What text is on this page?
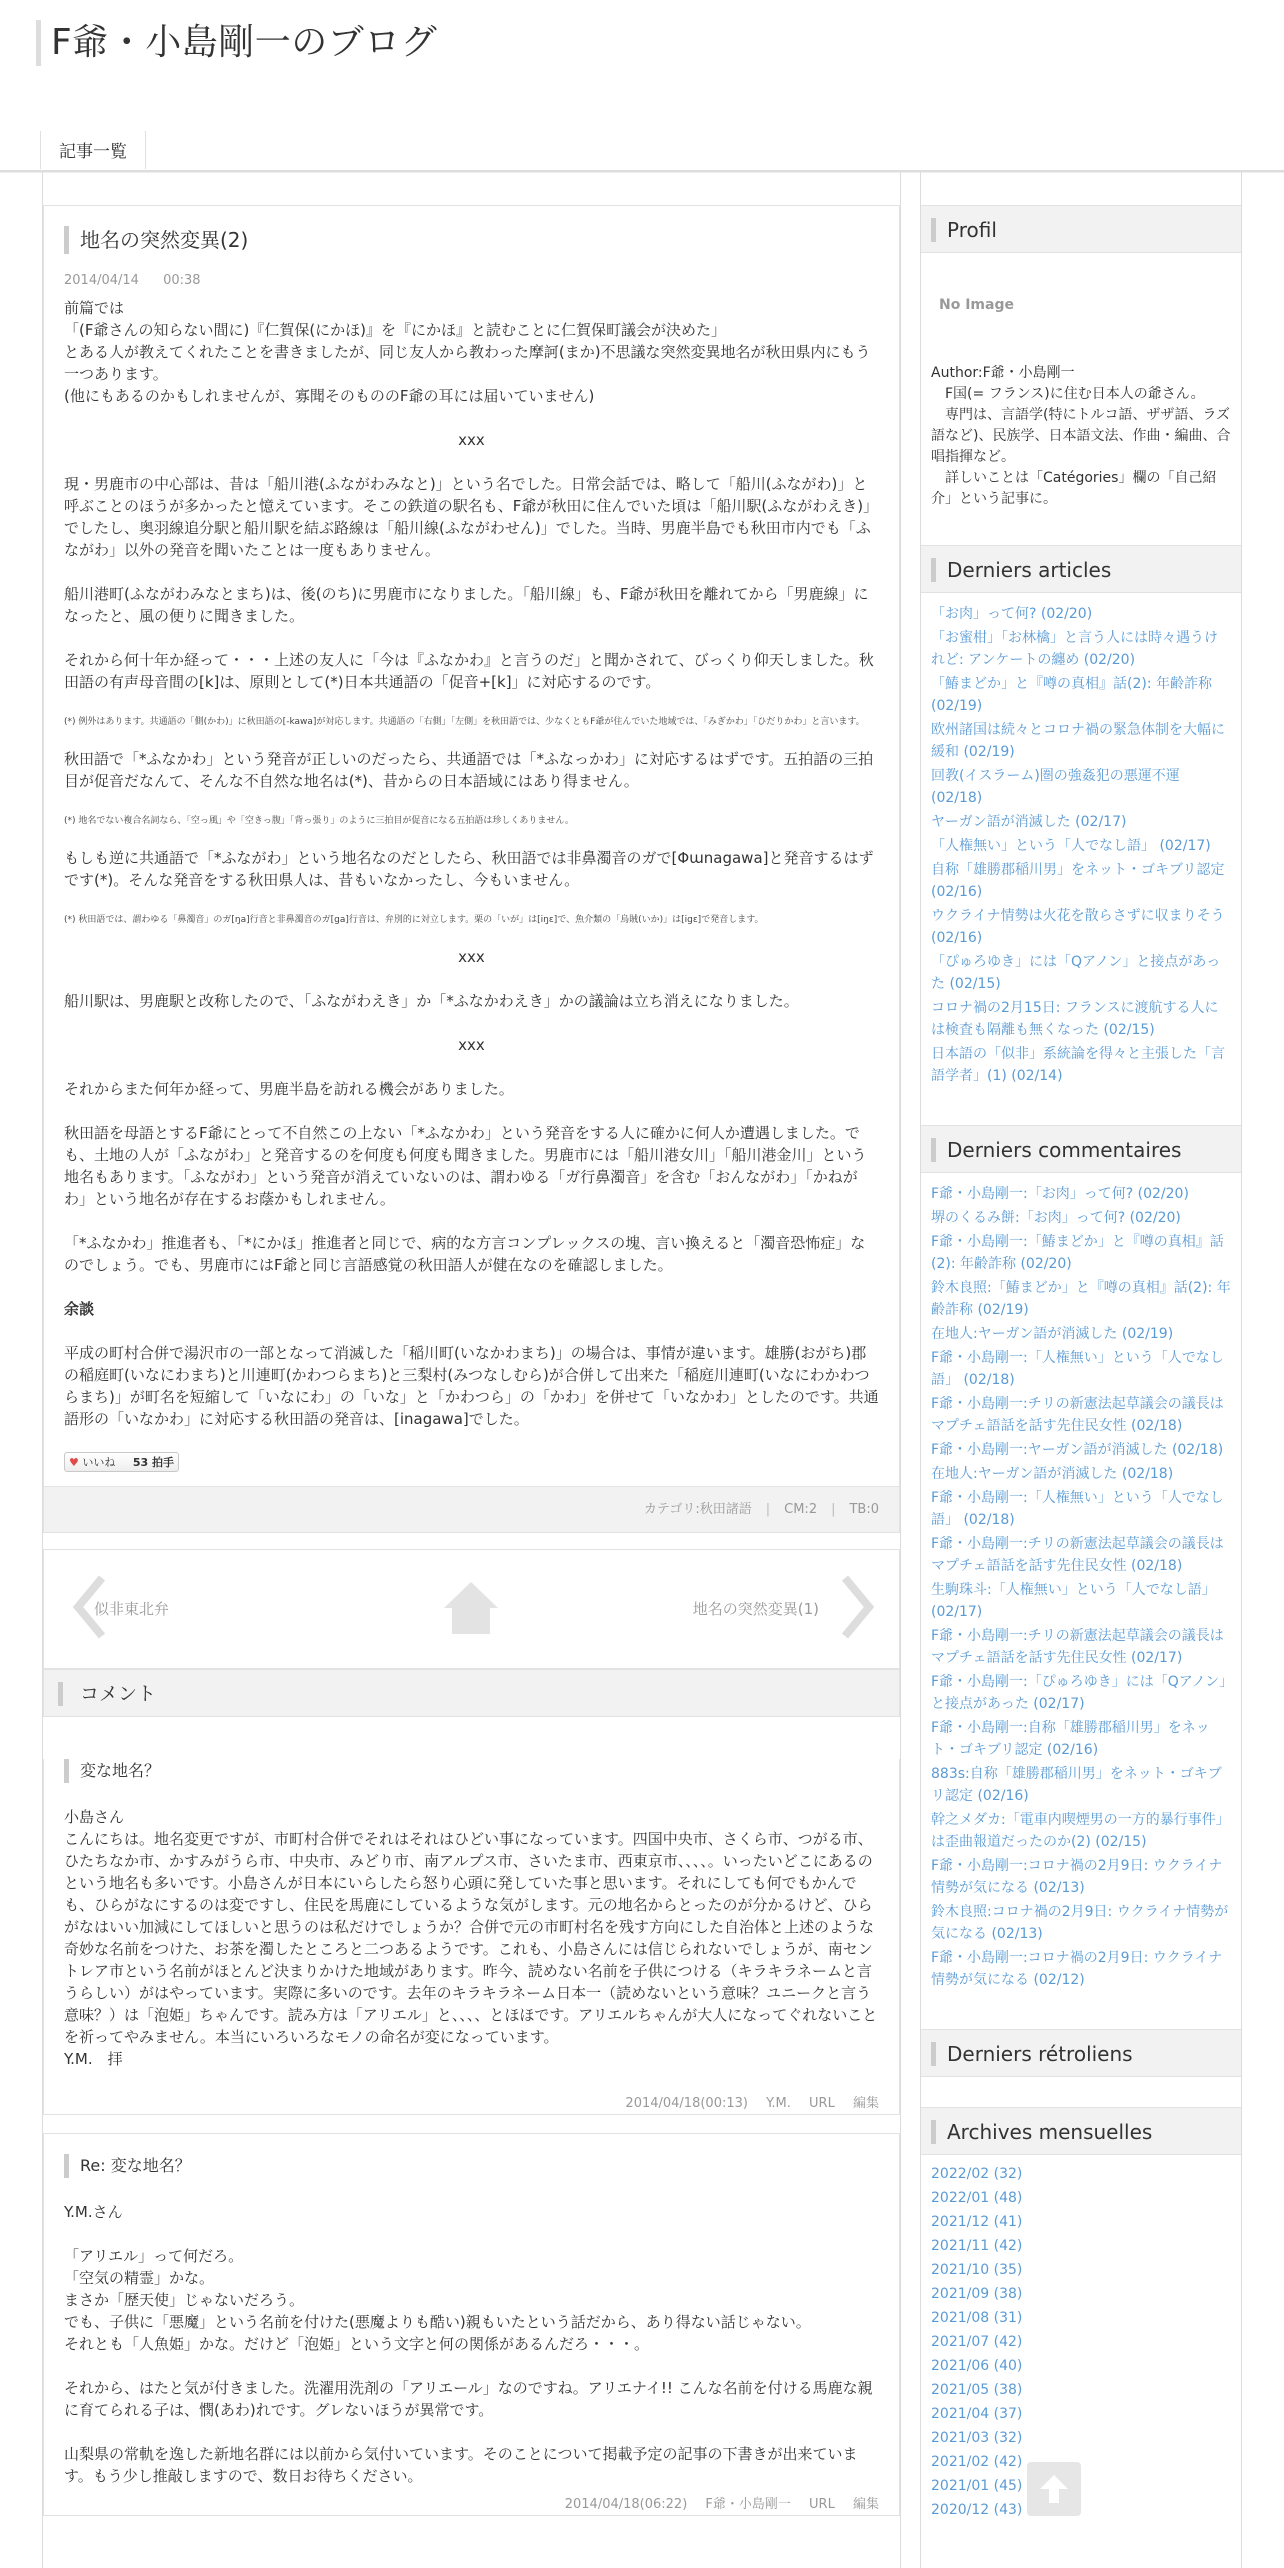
F爺・小島剛一のブログ
記事一覧
地名の突然変異(2)
2014/04/14 00:38

前篇では
「(F爺さんの知らない間に)『仁賀保(にかほ)』を『にかほ』と読むことに仁賀保町議会が決めた」
とある人が教えてくれたことを書きましたが、同じ友人から教わった摩訶(まか)不思議な突然変異地名が秋田県内にもう一つあります。
(他にもあるのかもしれませんが、寡聞そのもののF爺の耳には届いていません)

xxx

現・男鹿市の中心部は、昔は「船川港(ふながわみなと)」という名でした。日常会話では、略して「船川(ふながわ)」と呼ぶことのほうが多かったと憶えています。そこの鉄道の駅名も、F爺が秋田に住んでいた頃は「船川駅(ふながわえき)」でしたし、奥羽線追分駅と船川駅を結ぶ路線は「船川線(ふながわせん)」でした。当時、男鹿半島でも秋田市内でも「ふながわ」以外の発音を聞いたことは一度もありません。

船川港町(ふながわみなとまち)は、後(のち)に男鹿市になりました。「船川線」も、F爺が秋田を離れてから「男鹿線」になったと、風の便りに聞きました。

それから何十年か経って・・・上述の友人に「今は『ふなかわ』と言うのだ」と聞かされて、びっくり仰天しました。秋田語の有声母音間の[k]は、原則として(*)日本共通語の「促音+[k]」に対応するのです。

(*) 例外はあります。共通語の「側(かわ)」に秋田語の[-kawa]が対応します。共通語の「右側」「左側」を秋田語では、少なくともF爺が住んでいた地域では、「みぎかわ」「ひだりかわ」と言います。

秋田語で「*ふなかわ」という発音が正しいのだったら、共通語では「*ふなっかわ」に対応するはずです。五拍語の三拍目が促音だなんて、そんな不自然な地名は(*)、昔からの日本語域にはあり得ません。

(*) 地名でない複合名詞なら、「空っ風」や「空きっ腹」「背っ張り」のように三拍目が促音になる五拍語は珍しくありません。

もしも逆に共通語で「*ふながわ」という地名なのだとしたら、秋田語では非鼻濁音のガで[Φɯnagawa]と発音するはずです(*)。そんな発音をする秋田県人は、昔もいなかったし、今もいません。

(*) 秋田語では、謂わゆる「鼻濁音」のガ[ŋa]行音と非鼻濁音のガ[ga]行音は、弁別的に対立します。栗の「いが」は[iŋɛ]で、魚介類の「烏賊(いか)」は[igɛ]で発音します。

xxx

船川駅は、男鹿駅と改称したので、「ふながわえき」か「*ふなかわえき」かの議論は立ち消えになりました。

xxx

それからまた何年か経って、男鹿半島を訪れる機会がありました。

秋田語を母語とするF爺にとって不自然この上ない「*ふなかわ」という発音をする人に確かに何人か遭遇しました。でも、土地の人が「ふながわ」と発音するのを何度も何度も聞きました。男鹿市には「船川港女川」「船川港金川」という地名もあります。「ふながわ」という発音が消えていないのは、謂わゆる「ガ行鼻濁音」を含む「おんながわ」「かねがわ」という地名が存在するお蔭かもしれません。

「*ふなかわ」推進者も、「*にかほ」推進者と同じで、病的な方言コンプレックスの塊、言い換えると「濁音恐怖症」なのでしょう。でも、男鹿市にはF爺と同じ言語感覚の秋田語人が健在なのを確認しました。

余談

平成の町村合併で湯沢市の一部となって消滅した「稲川町(いなかわまち)」の場合は、事情が違います。雄勝(おがち)郡の稲庭町(いなにわまち)と川連町(かわつらまち)と三梨村(みつなしむら)が合併して出来た「稲庭川連町(いなにわかわつらまち)」が町名を短縮して「いなにわ」の「いな」と「かわつら」の「かわ」を併せて「いなかわ」としたのです。共通語形の「いなかわ」に対応する秋田語の発音は、[inagawa]でした。

♥ いいね 53 拍手
カテゴリ:秋田諸語 | CM:2 | TB:0
似非東北弁	地名の突然変異(1)
コメント
変な地名？

小島さん
こんにちは。地名変更ですが、市町村合併でそれはそれはひどい事になっています。四国中央市、さくら市、つがる市、ひたちなか市、かすみがうら市、中央市、みどり市、南アルプス市、さいたま市、西東京市、、、、。いったいどこにあるのという地名も多いです。小島さんが日本にいらしたら怒り心頭に発していた事と思います。それにしても何でもかんでも、ひらがなにするのは変ですし、住民を馬鹿にしているような気がします。元の地名からとったのが分かるけど、ひらがなはいい加減にしてほしいと思うのは私だけでしょうか？合併で元の市町村名を残す方向にした自治体と上述のような奇妙な名前をつけた、お茶を濁したところと二つあるようです。これも、小島さんには信じられないでしょうが、南セントレア市という名前がほとんど決まりかけた地域があります。昨今、読めない名前を子供につける（キラキラネームと言うらしい）がはやっています。実際に多いのです。去年のキラキラネーム日本一（読めないという意味？ユニークと言う意味？）は「泡姫」ちゃんです。読み方は「アリエル」と、、、、とほほです。アリエルちゃんが大人になってぐれないことを祈ってやみません。本当にいろいろなモノの命名が変になっています。
Y.M.　拝

2014/04/18(00:13) Y.M. URL 編集
Re: 変な地名？

Y.M.さん

「アリエル」って何だろ。
「空気の精霊」かな。
まさか「歴天使」じゃないだろう。
でも、子供に「悪魔」という名前を付けた(悪魔よりも酷い)親もいたという話だから、あり得ない話じゃない。
それとも「人魚姫」かな。だけど「泡姫」という文字と何の関係があるんだろ・・・。

それから、はたと気が付きました。洗濯用洗剤の「アリエール」なのですね。アリエナイ!! こんな名前を付ける馬鹿な親に育てられる子は、憫(あわ)れです。グレないほうが異常です。

山梨県の常軌を逸した新地名群には以前から気付いています。そのことについて掲載予定の記事の下書きが出来ています。もう少し推敲しますので、数日お待ちください。

2014/04/18(06:22) F爺・小島剛一 URL 編集
Profil
No Image
Author:F爺・小島剛一
　F国(= フランス)に住む日本人の爺さん。
　専門は、言語学(特にトルコ語、ザザ語、ラズ語など)、民族学、日本語文法、作曲・編曲、合唱指揮など。
　詳しいことは「Catégories」欄の「自己紹介」という記事に。
Derniers articles
「お肉」って何? (02/20)
「お蜜柑」「お林檎」と言う人には時々遇うけれど: アンケートの纏め (02/20)
「鰆まどか」と『噂の真相』話(2): 年齢詐称 (02/19)
欧州諸国は続々とコロナ禍の緊急体制を大幅に緩和 (02/19)
回教(イスラーム)圏の強姦犯の悪運不運 (02/18)
ヤーガン語が消滅した (02/17)
「人権無い」という「人でなし語」 (02/17)
自称「雄勝郡稲川男」をネット・ゴキブリ認定 (02/16)
ウクライナ情勢は火花を散らさずに収まりそう (02/16)
「ぴゅろゆき」には「Qアノン」と接点があった (02/15)
コロナ禍の2月15日: フランスに渡航する人には検査も隔離も無くなった (02/15)
日本語の「似非」系統論を得々と主張した「言語学者」(1) (02/14)
Derniers commentaires
F爺・小島剛一:「お肉」って何? (02/20)
堺のくるみ餅:「お肉」って何? (02/20)
F爺・小島剛一:「鰆まどか」と『噂の真相』話(2): 年齢詐称 (02/20)
鈴木良照:「鰆まどか」と『噂の真相』話(2): 年齢詐称 (02/19)
在地人:ヤーガン語が消滅した (02/19)
F爺・小島剛一:「人権無い」という「人でなし語」 (02/18)
F爺・小島剛一:チリの新憲法起草議会の議長はマプチェ語話を話す先住民女性 (02/18)
F爺・小島剛一:ヤーガン語が消滅した (02/18)
在地人:ヤーガン語が消滅した (02/18)
F爺・小島剛一:「人権無い」という「人でなし語」 (02/18)
F爺・小島剛一:チリの新憲法起草議会の議長はマプチェ語話を話す先住民女性 (02/18)
生駒珠斗:「人権無い」という「人でなし語」 (02/17)
F爺・小島剛一:チリの新憲法起草議会の議長はマプチェ語話を話す先住民女性 (02/17)
F爺・小島剛一:「ぴゅろゆき」には「Qアノン」と接点があった (02/17)
F爺・小島剛一:自称「雄勝郡稲川男」をネット・ゴキブリ認定 (02/16)
883s:自称「雄勝郡稲川男」をネット・ゴキブリ認定 (02/16)
幹之メダカ:「電車内喫煙男の一方的暴行事件」は歪曲報道だったのか(2) (02/15)
F爺・小島剛一:コロナ禍の2月9日: ウクライナ情勢が気になる (02/13)
鈴木良照:コロナ禍の2月9日: ウクライナ情勢が気になる (02/13)
F爺・小島剛一:コロナ禍の2月9日: ウクライナ情勢が気になる (02/12)
Derniers rétroliens
Archives mensuelles
2022/02 (32)
2022/01 (48)
2021/12 (41)
2021/11 (42)
2021/10 (35)
2021/09 (38)
2021/08 (31)
2021/07 (42)
2021/06 (40)
2021/05 (38)
2021/04 (37)
2021/03 (32)
2021/02 (42)
2021/01 (45)
2020/12 (43)
